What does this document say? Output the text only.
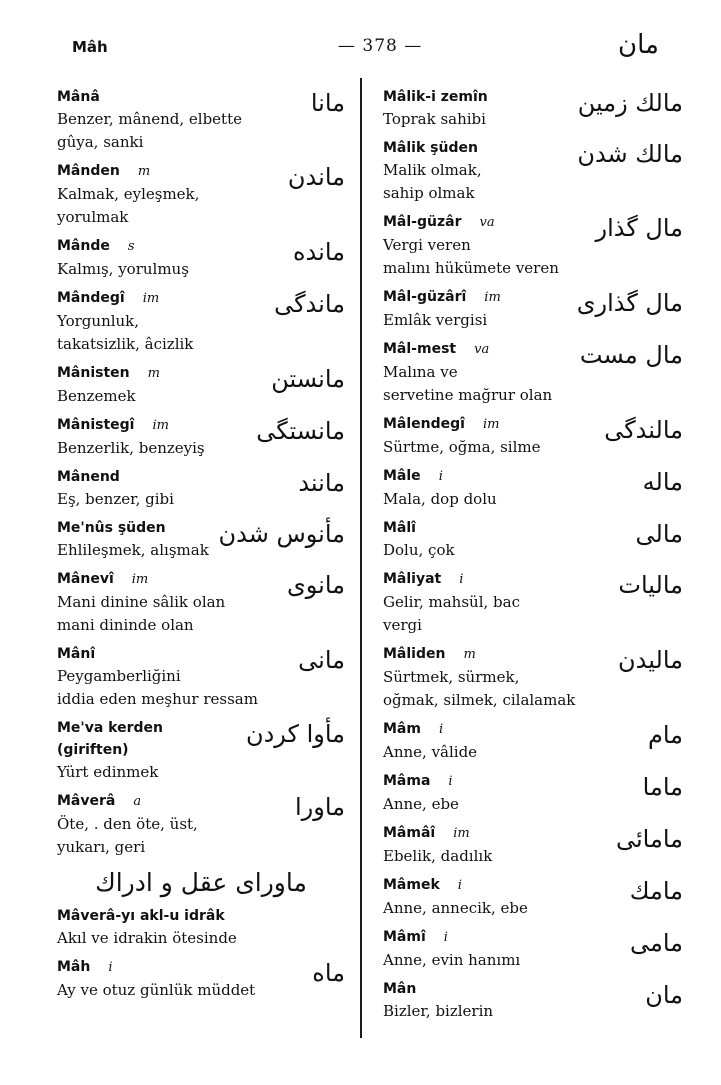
Mâh	— 378 —	مان
Mânâ
Benzer, mânend, elbette
gûya, sanki
مانا
Mânden m
Kalmak, eyleşmek,
yorulmak
ماندن
Mânde s
Kalmış, yorulmuş
مانده
Mândegî im
Yorgunluk,
takatsizlik, âcizlik
ماندگی
Mânisten m
Benzemek
مانستن
Mânistegî im
Benzerlik, benzeyiş
مانستگی
Mânend
Eş, benzer, gibi
مانند
Me'nûs şüden
Ehlileşmek, alışmak
مأنوس شدن
Mânevî im
Mani dinine sâlik olan
mani dininde olan
مانوی
Mânî
Peygamberliğini
iddia eden meşhur ressam
مانی
Me'va kerden
(giriften)
Yürt edinmek
مأوا کردن
Mâverâ a
Öte, . den öte, üst,
yukarı, geri
ماورا
ماورای عقل و ادراك
Mâverâ-yı akl-u idrâk
Akıl ve idrakin ötesinde
Mâh i
Ay ve otuz günlük müddet
ماه
Mâlik-i zemîn
Toprak sahibi
مالك زمين
Mâlik şüden
Malik olmak,
sahip olmak
مالك شدن
Mâl-güzâr va
Vergi veren
malını hükümete veren
مال گذار
Mâl-güzârî im
Emlâk vergisi
مال گذاری
Mâl-mest va
Malına ve
servetine mağrur olan
مال مست
Mâlendegî im
Sürtme, oğma, silme
مالندگی
Mâle i
Mala, dop dolu
ماله
Mâlî
Dolu, çok
مالی
Mâliyat i
Gelir, mahsül, bac
vergi
مالیات
Mâliden m
Sürtmek, sürmek,
oğmak, silmek, cilalamak
مالیدن
Mâm i
Anne, vâlide
مام
Mâma i
Anne, ebe
ماما
Mâmâî im
Ebelik, dadılık
مامائی
Mâmek i
Anne, annecik, ebe
مامك
Mâmî i
Anne, evin hanımı
مامی
Mân
Bizler, bizlerin
مان
